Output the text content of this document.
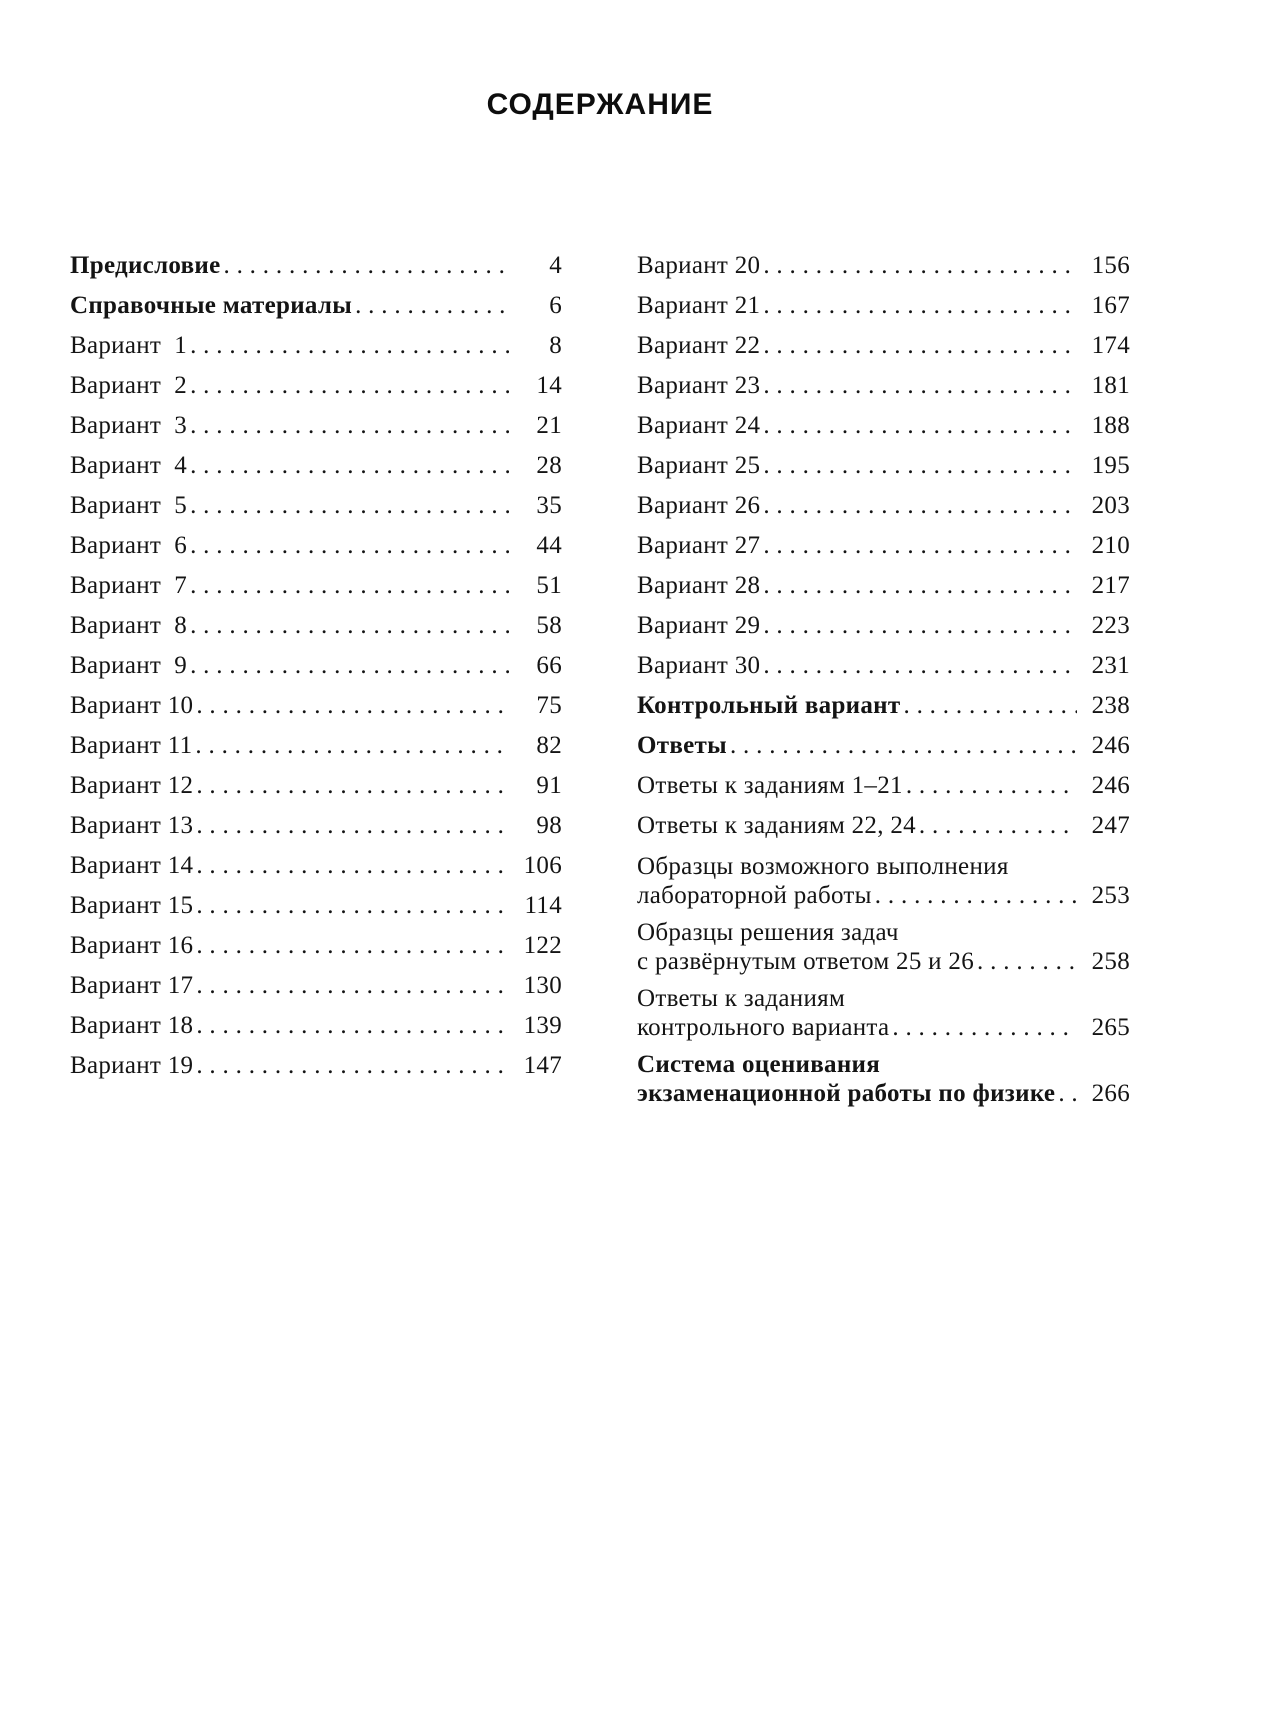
СОДЕРЖАНИЕ
Предисловие . . .	4
Справочные материалы . . .	6
Вариант  1 . . .	8
Вариант  2 . . .	14
Вариант  3 . . .	21
Вариант  4 . . .	28
Вариант  5 . . .	35
Вариант  6 . . .	44
Вариант  7 . . .	51
Вариант  8 . . .	58
Вариант  9 . . .	66
Вариант 10 . . .	75
Вариант 11 . . .	82
Вариант 12 . . .	91
Вариант 13 . . .	98
Вариант 14 . . .	106
Вариант 15 . . .	114
Вариант 16 . . .	122
Вариант 17 . . .	130
Вариант 18 . . .	139
Вариант 19 . . .	147
Вариант 20 . . .	156
Вариант 21 . . .	167
Вариант 22 . . .	174
Вариант 23 . . .	181
Вариант 24 . . .	188
Вариант 25 . . .	195
Вариант 26 . . .	203
Вариант 27 . . .	210
Вариант 28 . . .	217
Вариант 29 . . .	223
Вариант 30 . . .	231
Контрольный вариант . . .	238
Ответы . . .	246
Ответы к заданиям 1–21 . . .	246
Ответы к заданиям 22, 24 . . .	247
Образцы возможного выполнения
лабораторной работы . . .	253
Образцы решения задач
с развёрнутым ответом 25 и 26 . . .	258
Ответы к заданиям
контрольного варианта . . .	265
Система оценивания
экзаменационной работы по физике . . .	266
